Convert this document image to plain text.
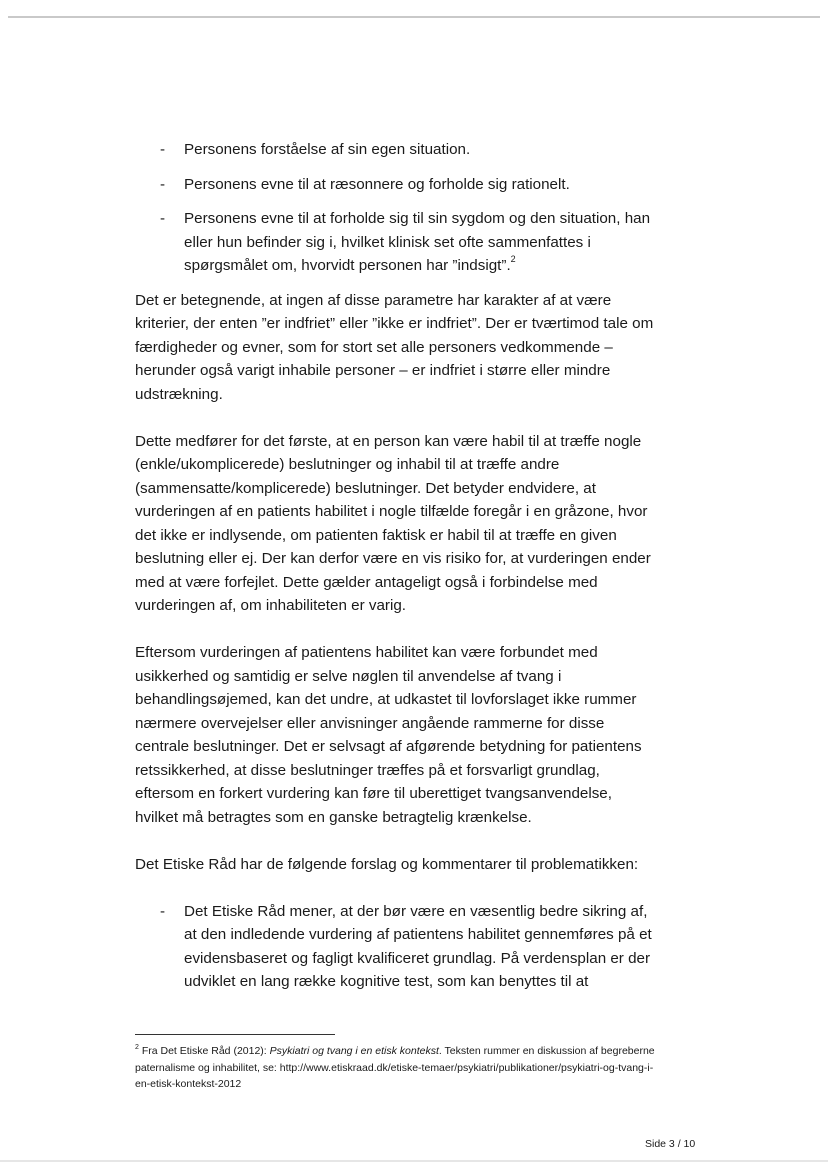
- Personens forståelse af sin egen situation.
- Personens evne til at ræsonnere og forholde sig rationelt.
- Personens evne til at forholde sig til sin sygdom og den situation, han eller hun befinder sig i, hvilket klinisk set ofte sammenfattes i spørgsmålet om, hvorvidt personen har ”indsigt”.$^2$

Det er betegnende, at ingen af disse parametre har karakter af at være kriterier, der enten ”er indfriet” eller ”ikke er indfriet”. Der er tværtimod tale om færdigheder og evner, som for stort set alle personers vedkommende – herunder også varigt inhabile personer – er indfriet i større eller mindre udstrækning.

Dette medfører for det første, at en person kan være habil til at træffe nogle (enkle/ukomplicerede) beslutninger og inhabil til at træffe andre (sammensatte/komplicerede) beslutninger. Det betyder endvidere, at vurderingen af en patients habilitet i nogle tilfælde foregår i en gråzone, hvor det ikke er indlysende, om patienten faktisk er habil til at træffe en given beslutning eller ej. Der kan derfor være en vis risiko for, at vurderingen ender med at være forfejlet. Dette gælder antageligt også i forbindelse med vurderingen af, om inhabiliteten er varig.

Eftersom vurderingen af patientens habilitet kan være forbundet med usikkerhed og samtidig er selve nøglen til anvendelse af tvang i behandlingsøjemed, kan det undre, at udkastet til lovforslaget ikke rummer nærmere overvejelser eller anvisninger angående rammerne for disse centrale beslutninger. Det er selvsagt af afgørende betydning for patientens retssikkerhed, at disse beslutninger træffes på et forsvarligt grundlag, eftersom en forkert vurdering kan føre til uberettiget tvangsanvendelse, hvilket må betragtes som en ganske betragtelig krænkelse.

Det Etiske Råd har de følgende forslag og kommentarer til problematikken:

- Det Etiske Råd mener, at der bør være en væsentlig bedre sikring af, at den indledende vurdering af patientens habilitet gennemføres på et evidensbaseret og fagligt kvalificeret grundlag. På verdensplan er der udviklet en lang række kognitive test, som kan benyttes til at
$^2$ Fra Det Etiske Råd (2012): Psykiatri og tvang i en etisk kontekst. Teksten rummer en diskussion af begreberne paternalisme og inhabilitet, se: http://www.etiskraad.dk/etiske-temaer/psykiatri/publikationer/psykiatri-og-tvang-i-en-etisk-kontekst-2012
Side 3 / 10
